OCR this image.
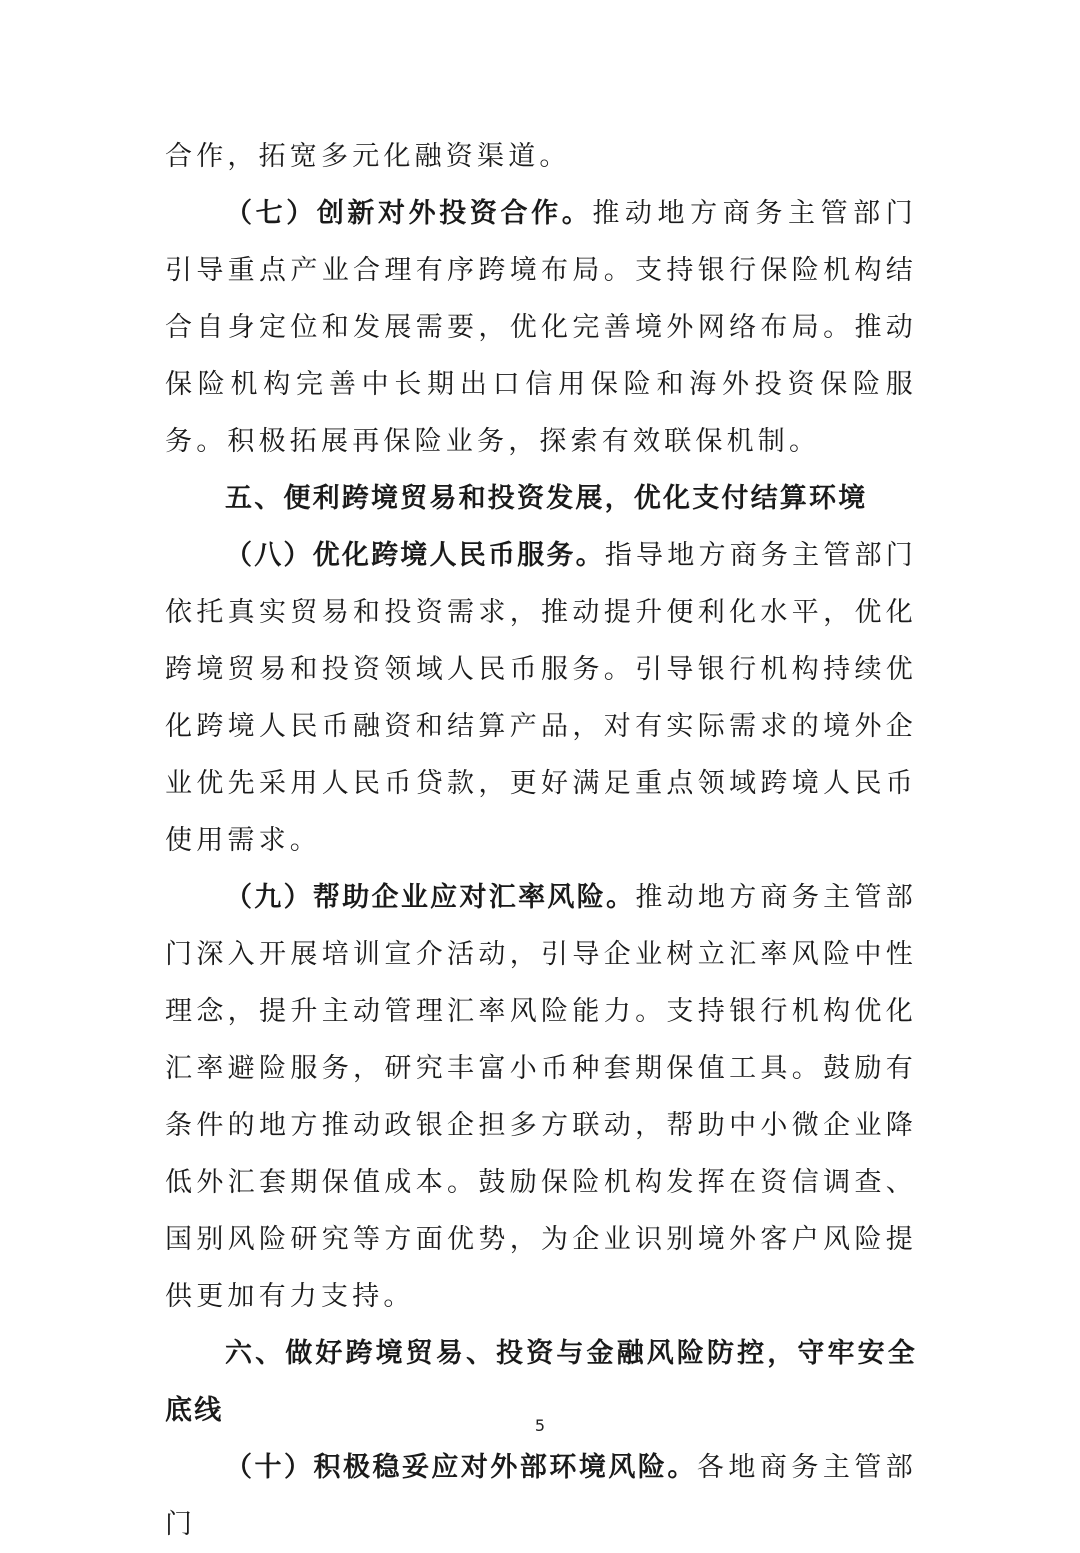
合作，拓宽多元化融资渠道。

（七）创新对外投资合作。推动地方商务主管部门引导重点产业合理有序跨境布局。支持银行保险机构结合自身定位和发展需要，优化完善境外网络布局。推动保险机构完善中长期出口信用保险和海外投资保险服务。积极拓展再保险业务，探索有效联保机制。

五、便利跨境贸易和投资发展，优化支付结算环境

（八）优化跨境人民币服务。指导地方商务主管部门依托真实贸易和投资需求，推动提升便利化水平，优化跨境贸易和投资领域人民币服务。引导银行机构持续优化跨境人民币融资和结算产品，对有实际需求的境外企业优先采用人民币贷款，更好满足重点领域跨境人民币使用需求。

（九）帮助企业应对汇率风险。推动地方商务主管部门深入开展培训宣介活动，引导企业树立汇率风险中性理念，提升主动管理汇率风险能力。支持银行机构优化汇率避险服务，研究丰富小币种套期保值工具。鼓励有条件的地方推动政银企担多方联动，帮助中小微企业降低外汇套期保值成本。鼓励保险机构发挥在资信调查、国别风险研究等方面优势，为企业识别境外客户风险提供更加有力支持。

六、做好跨境贸易、投资与金融风险防控，守牢安全底线

（十）积极稳妥应对外部环境风险。各地商务主管部门

5
